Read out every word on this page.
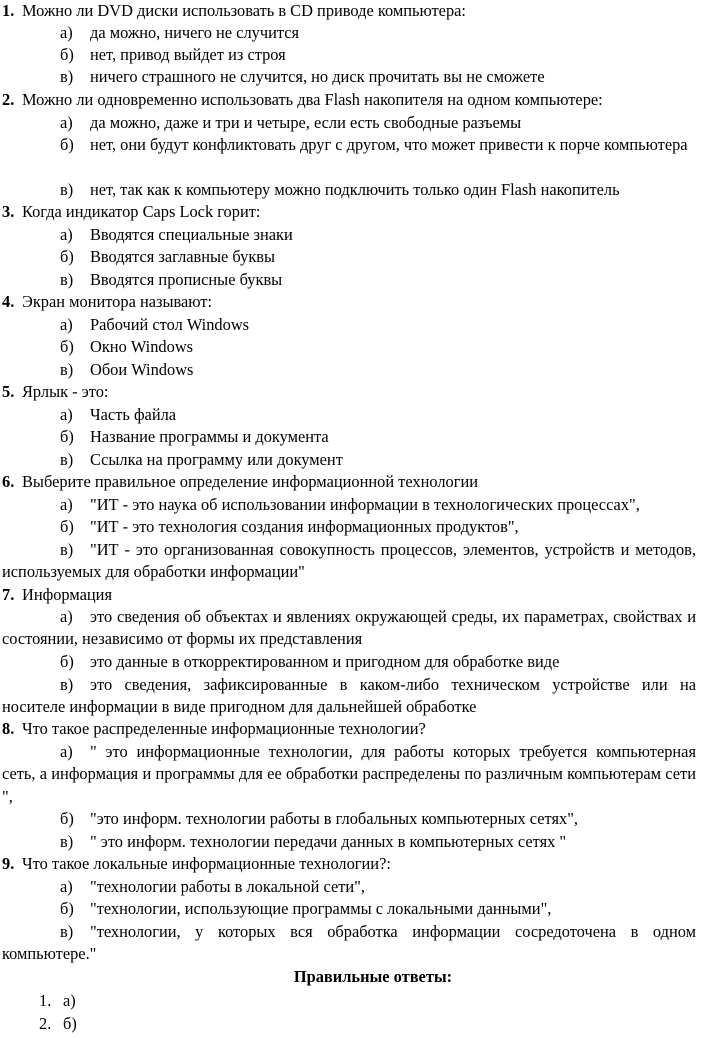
1. Можно ли DVD диски использовать в CD приводе компьютера:
а) да можно, ничего не случится
б) нет, привод выйдет из строя
в) ничего страшного не случится, но диск прочитать вы не сможете
2. Можно ли одновременно использовать два Flash накопителя на одном компьютере:
а) да можно, даже и три и четыре, если есть свободные разъемы
б) нет, они будут конфликтовать друг с другом, что может привести к порче компьютера
в) нет, так как к компьютеру можно подключить только один Flash накопитель
3. Когда индикатор Caps Lock горит:
а) Вводятся специальные знаки
б) Вводятся заглавные буквы
в) Вводятся прописные буквы
4. Экран монитора называют:
а) Рабочий стол Windows
б) Окно Windows
в) Обои Windows
5. Ярлык - это:
а) Часть файла
б) Название программы и документа
в) Ссылка на программу или документ
6. Выберите правильное определение информационной технологии
а) "ИТ - это наука об использовании информации в технологических процессах",
б) "ИТ - это технология создания информационных продуктов",
в) "ИТ - это организованная совокупность процессов, элементов, устройств и методов, используемых для обработки информации"
7. Информация
а) это сведения об объектах и явлениях окружающей среды, их параметрах, свойствах и состоянии, независимо от формы их представления
б) это данные в откорректированном и пригодном для обработке виде
в) это сведения, зафиксированные в каком-либо техническом устройстве или на носителе информации в виде пригодном для дальнейшей обработке
8. Что такое распределенные информационные технологии?
а) " это информационные технологии, для работы которых требуется компьютерная сеть, а информация и программы для ее обработки распределены по различным компьютерам сети ",
б) "это информ. технологии работы в глобальных компьютерных сетях",
в) " это информ. технологии передачи данных в компьютерных сетях "
9. Что такое локальные информационные технологии?:
а) "технологии работы в локальной сети",
б) "технологии, использующие программы с локальными данными",
в) "технологии, у которых вся обработка информации сосредоточена в одном компьютере."
Правильные ответы:
1. а)
2. б)
